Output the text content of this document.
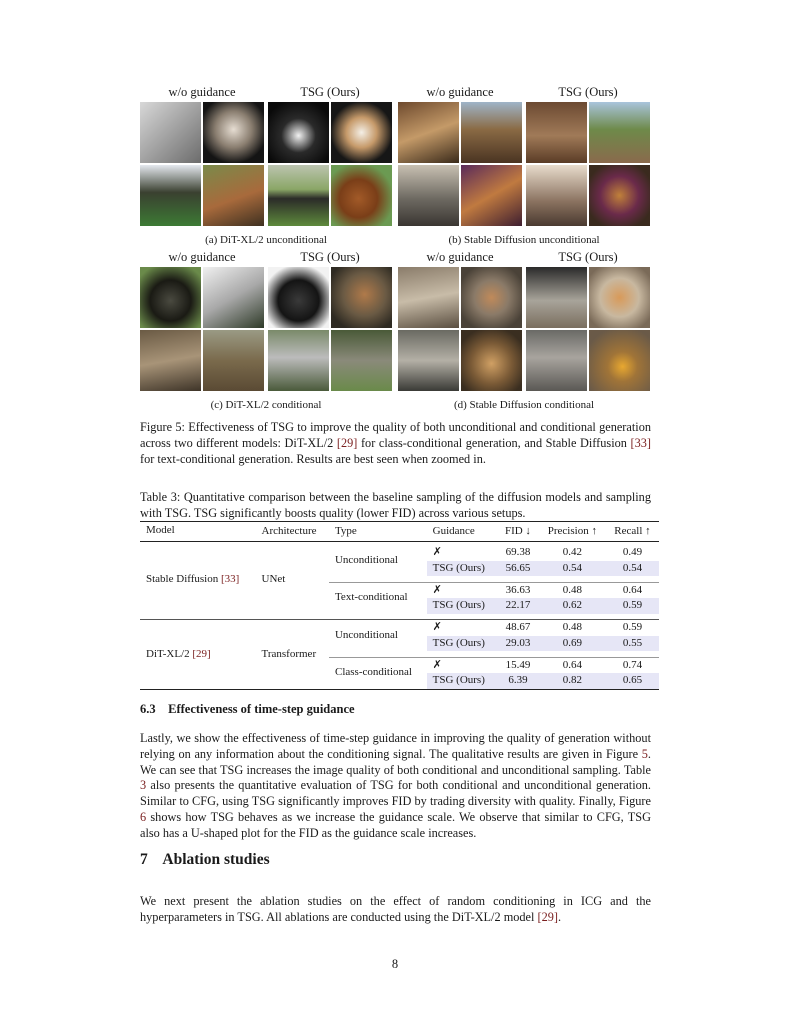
w/o guidance	TSG (Ours)	w/o guidance	TSG (Ours)
(a) DiT-XL/2 unconditional	(b) Stable Diffusion unconditional
w/o guidance	TSG (Ours)	w/o guidance	TSG (Ours)
(c) DiT-XL/2 conditional	(d) Stable Diffusion conditional
Figure 5: Effectiveness of TSG to improve the quality of both unconditional and conditional generation across two different models: DiT-XL/2 [29] for class-conditional generation, and Stable Diffusion [33] for text-conditional generation. Results are best seen when zoomed in.
Table 3: Quantitative comparison between the baseline sampling of the diffusion models and sampling with TSG. TSG significantly boosts quality (lower FID) across various setups.
Model	Architecture	Type	Guidance	FID ↓	Precision ↑	Recall ↑

Stable Diffusion [33]	UNet	Unconditional	✗	69.38	0.42	0.49
			TSG (Ours)	56.65	0.54	0.54

		Text-conditional	✗	36.63	0.48	0.64
			TSG (Ours)	22.17	0.62	0.59

DiT-XL/2 [29]	Transformer	Unconditional	✗	48.67	0.48	0.59
			TSG (Ours)	29.03	0.69	0.55

		Class-conditional	✗	15.49	0.64	0.74
			TSG (Ours)	6.39	0.82	0.65
6.3    Effectiveness of time-step guidance
Lastly, we show the effectiveness of time-step guidance in improving the quality of generation without relying on any information about the conditioning signal. The qualitative results are given in Figure 5. We can see that TSG increases the image quality of both conditional and unconditional sampling. Table 3 also presents the quantitative evaluation of TSG for both conditional and unconditional generation. Similar to CFG, using TSG significantly improves FID by trading diversity with quality. Finally, Figure 6 shows how TSG behaves as we increase the guidance scale. We observe that similar to CFG, TSG also has a U-shaped plot for the FID as the guidance scale increases.
7    Ablation studies
We next present the ablation studies on the effect of random conditioning in ICG and the hyperparameters in TSG. All ablations are conducted using the DiT-XL/2 model [29].
8
